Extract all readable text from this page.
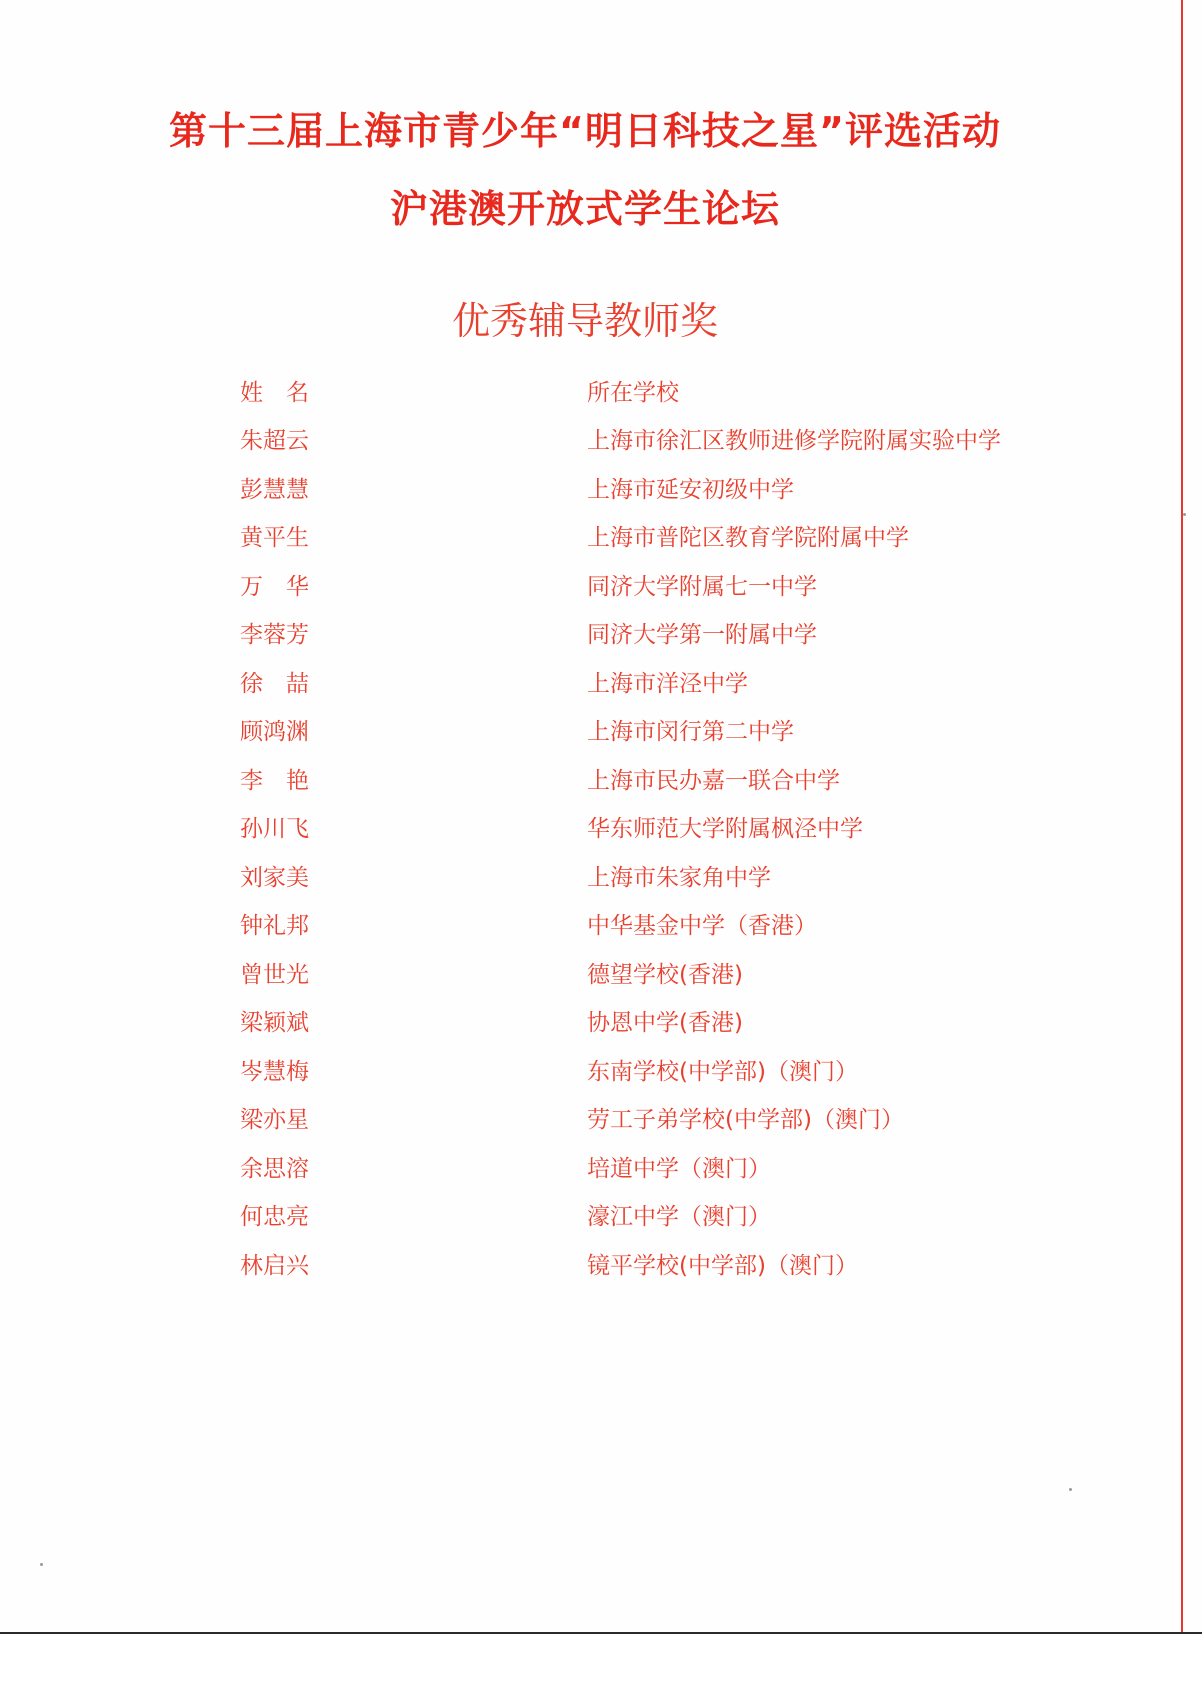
第十三届上海市青少年“明日科技之星”评选活动
沪港澳开放式学生论坛
优秀辅导教师奖
姓　名	所在学校
朱超云	上海市徐汇区教师进修学院附属实验中学
彭慧慧	上海市延安初级中学
黄平生	上海市普陀区教育学院附属中学
万　华	同济大学附属七一中学
李蓉芳	同济大学第一附属中学
徐　喆	上海市洋泾中学
顾鸿渊	上海市闵行第二中学
李　艳	上海市民办嘉一联合中学
孙川飞	华东师范大学附属枫泾中学
刘家美	上海市朱家角中学
钟礼邦	中华基金中学（香港）
曾世光	德望学校(香港)
梁颖斌	协恩中学(香港)
岑慧梅	东南学校(中学部)（澳门）
梁亦星	劳工子弟学校(中学部)（澳门）
余思溶	培道中学（澳门）
何忠亮	濠江中学（澳门）
林启兴	镜平学校(中学部)（澳门）
